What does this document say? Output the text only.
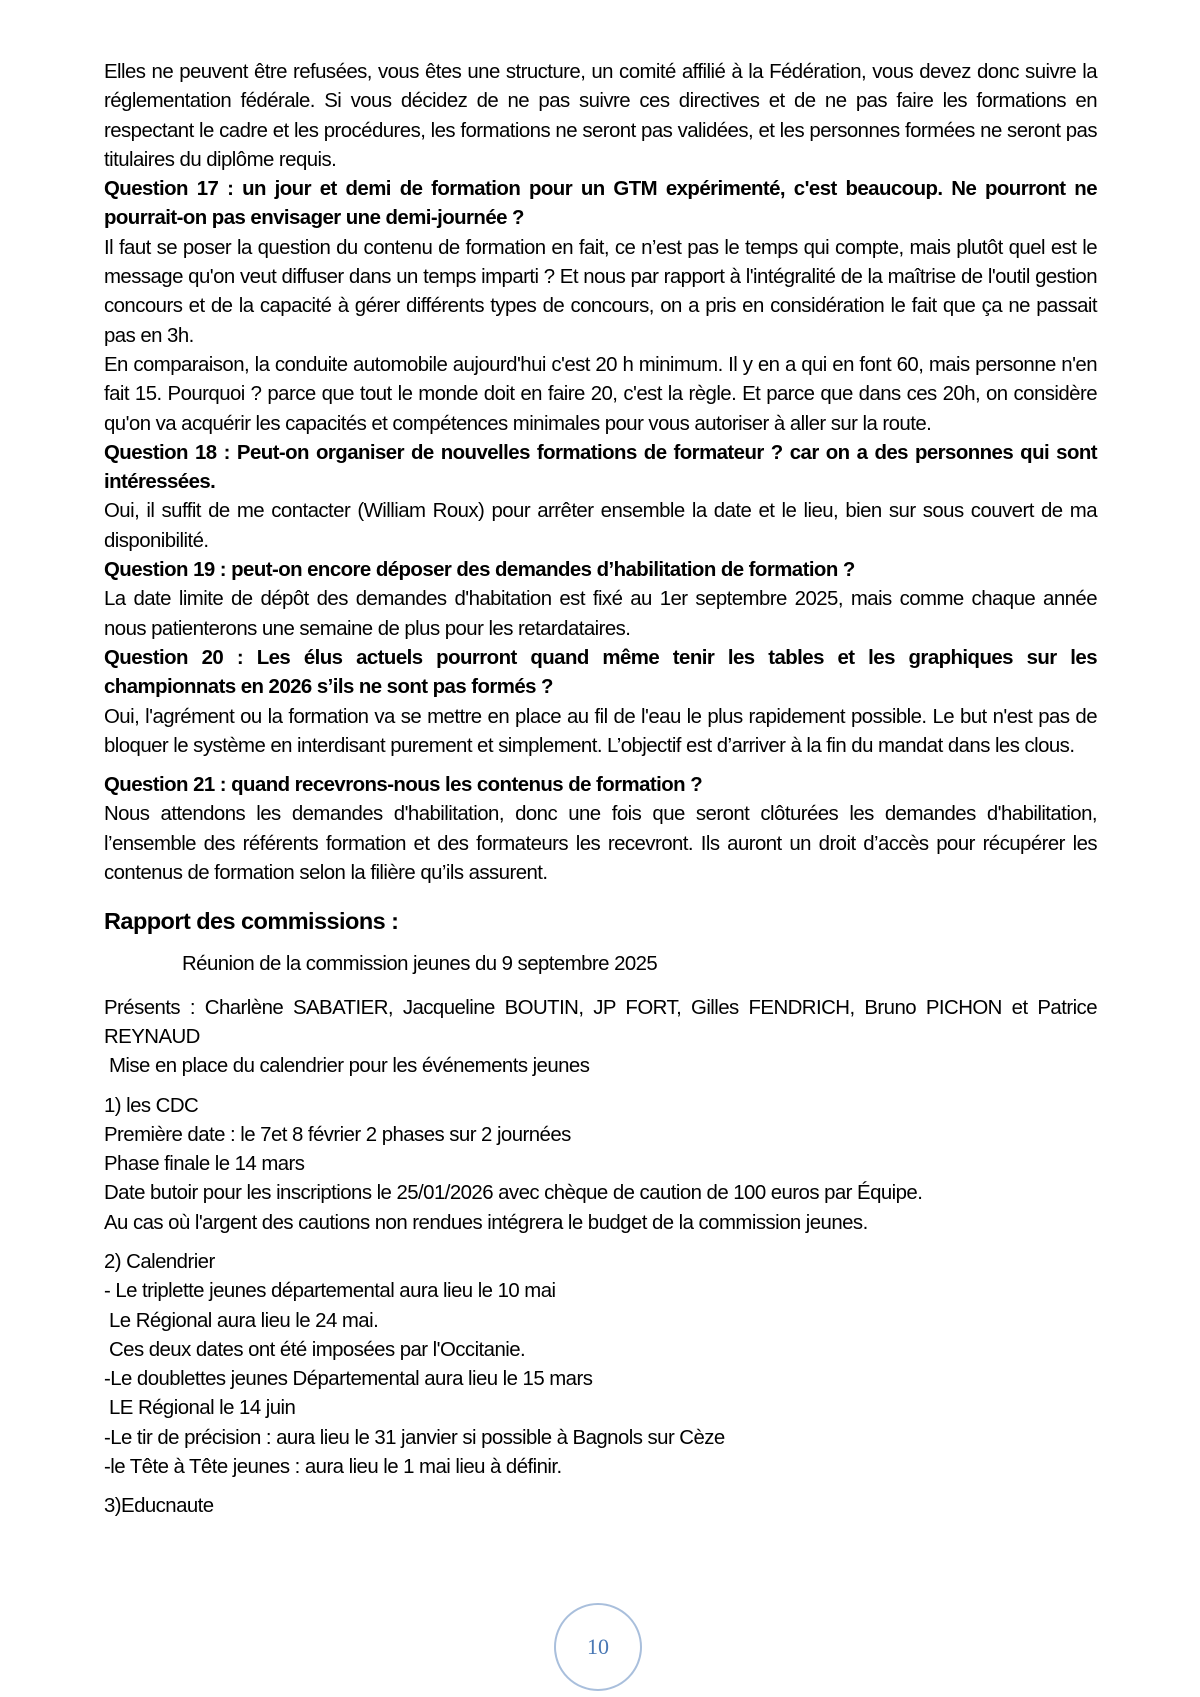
Elles ne peuvent être refusées, vous êtes une structure, un comité affilié à la Fédération, vous devez donc suivre la réglementation fédérale. Si vous décidez de ne pas suivre ces directives et de ne pas faire les formations en respectant le cadre et les procédures, les formations ne seront pas validées, et les personnes formées ne seront pas titulaires du diplôme requis.

Question 17 : un jour et demi de formation pour un GTM expérimenté, c'est beaucoup. Ne pourront ne pourrait-on pas envisager une demi-journée ?

Il faut se poser la question du contenu de formation en fait, ce n’est pas le temps qui compte, mais plutôt quel est le message qu'on veut diffuser dans un temps imparti ? Et nous par rapport à l'intégralité de la maîtrise de l'outil gestion concours et de la capacité à gérer différents types de concours, on a pris en considération le fait que ça ne passait pas en 3h.

En comparaison, la conduite automobile aujourd'hui c'est 20 h minimum. Il y en a qui en font 60, mais personne n'en fait 15. Pourquoi ? parce que tout le monde doit en faire 20, c'est la règle. Et parce que dans ces 20h, on considère qu'on va acquérir les capacités et compétences minimales pour vous autoriser à aller sur la route.

Question 18 : Peut-on organiser de nouvelles formations de formateur ? car on a des personnes qui sont intéressées.

Oui, il suffit de me contacter (William Roux) pour arrêter ensemble la date et le lieu, bien sur sous couvert de ma disponibilité.

Question 19 : peut-on encore déposer des demandes d’habilitation de formation ?

La date limite de dépôt des demandes d'habitation est fixé au 1er septembre 2025, mais comme chaque année nous patienterons une semaine de plus pour les retardataires.

Question 20 : Les élus actuels pourront quand même tenir les tables et les graphiques sur les championnats en 2026 s’ils ne sont pas formés ?

Oui, l'agrément ou la formation va se mettre en place au fil de l'eau le plus rapidement possible. Le but n'est pas de bloquer le système en interdisant purement et simplement. L’objectif est d’arriver à la fin du mandat dans les clous.

Question 21 : quand recevrons-nous les contenus de formation ?

Nous attendons les demandes d'habilitation, donc une fois que seront clôturées les demandes d'habilitation, l’ensemble des référents formation et des formateurs les recevront. Ils auront un droit d’accès pour récupérer les contenus de formation selon la filière qu’ils assurent.

Rapport des commissions :

Réunion de la commission jeunes du 9 septembre 2025

Présents : Charlène SABATIER, Jacqueline BOUTIN, JP FORT, Gilles FENDRICH, Bruno PICHON et Patrice REYNAUD

Mise en place du calendrier pour les événements jeunes

1) les CDC

Première date : le 7et 8 février 2 phases sur 2 journées

Phase finale le 14 mars

Date butoir pour les inscriptions le 25/01/2026 avec chèque de caution de 100 euros par Équipe.

Au cas où l'argent des cautions non rendues intégrera le budget de la commission jeunes.

2) Calendrier

- Le triplette jeunes départemental aura lieu le 10 mai

Le Régional aura lieu le 24 mai.

Ces deux dates ont été imposées par l'Occitanie.

-Le doublettes jeunes Départemental aura lieu le 15 mars

LE Régional le 14 juin

-Le tir de précision : aura lieu le 31 janvier si possible à Bagnols sur Cèze

-le Tête à Tête jeunes : aura lieu le 1 mai lieu à définir.

3)Educnaute

10
